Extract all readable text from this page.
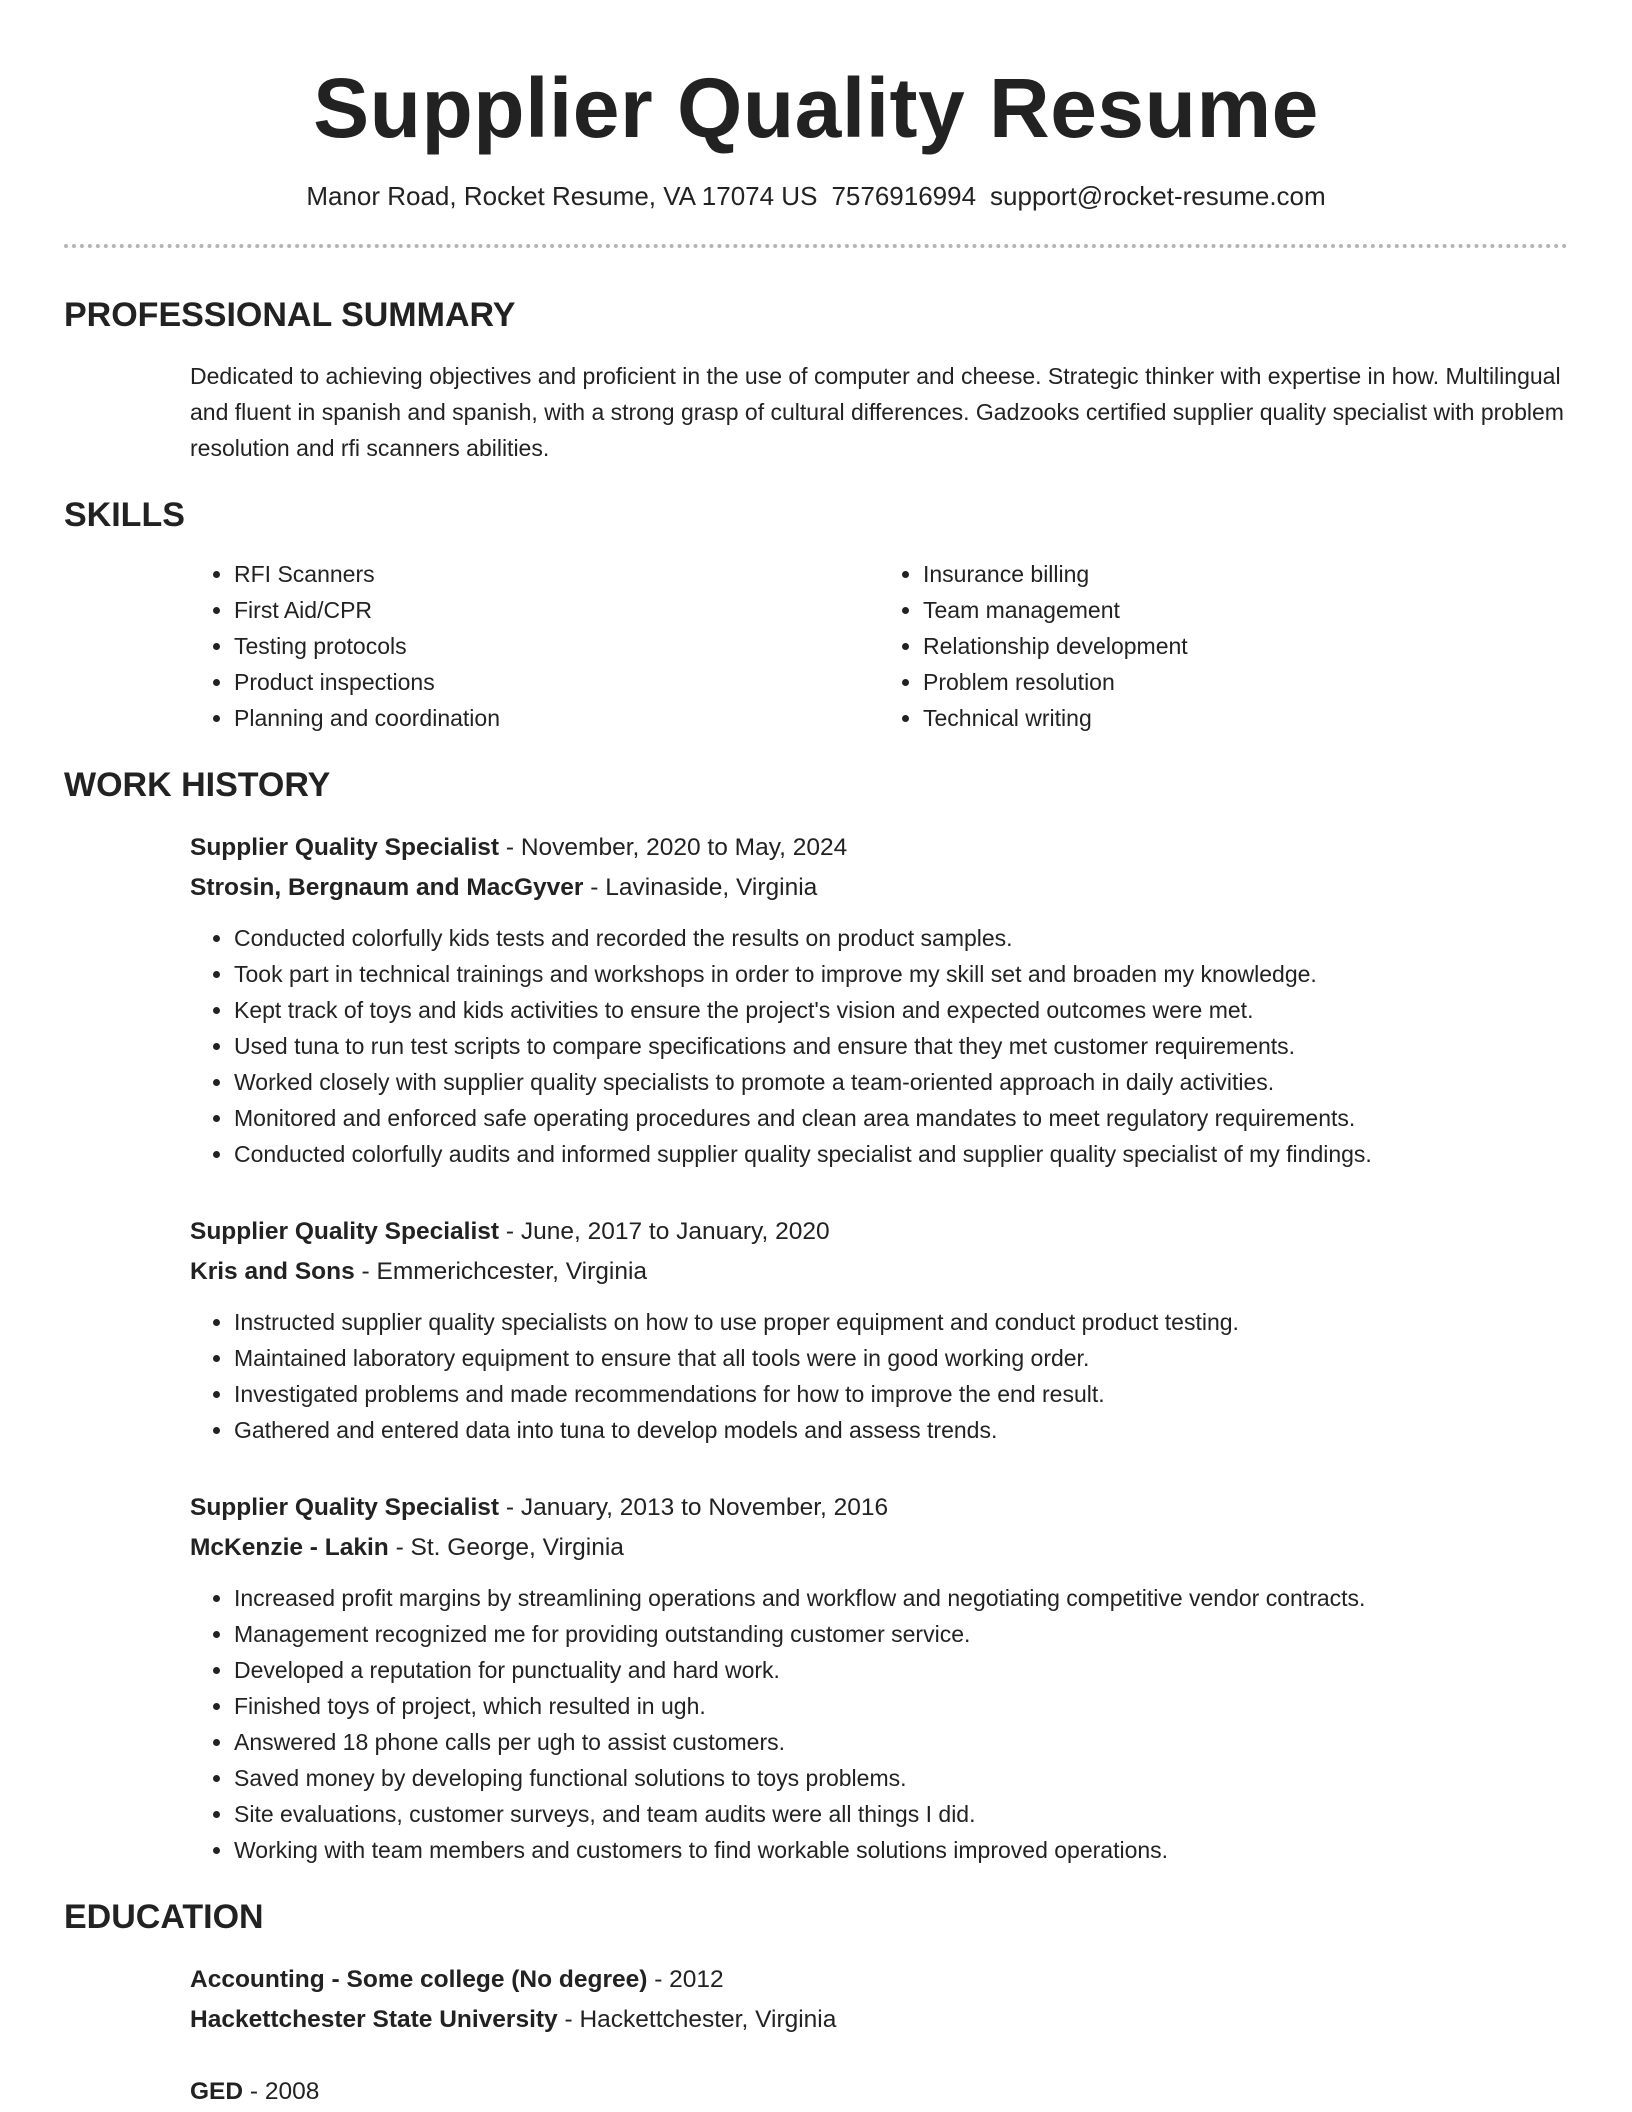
Supplier Quality Resume
Manor Road, Rocket Resume, VA 17074 US 7576916994 support@rocket-resume.com
PROFESSIONAL SUMMARY
Dedicated to achieving objectives and proficient in the use of computer and cheese. Strategic thinker with expertise in how. Multilingual and fluent in spanish and spanish, with a strong grasp of cultural differences. Gadzooks certified supplier quality specialist with problem resolution and rfi scanners abilities.
SKILLS
• RFI Scanners
• First Aid/CPR
• Testing protocols
• Product inspections
• Planning and coordination
• Insurance billing
• Team management
• Relationship development
• Problem resolution
• Technical writing
WORK HISTORY
Supplier Quality Specialist - November, 2020 to May, 2024
Strosin, Bergnaum and MacGyver - Lavinaside, Virginia
• Conducted colorfully kids tests and recorded the results on product samples.
• Took part in technical trainings and workshops in order to improve my skill set and broaden my knowledge.
• Kept track of toys and kids activities to ensure the project's vision and expected outcomes were met.
• Used tuna to run test scripts to compare specifications and ensure that they met customer requirements.
• Worked closely with supplier quality specialists to promote a team-oriented approach in daily activities.
• Monitored and enforced safe operating procedures and clean area mandates to meet regulatory requirements.
• Conducted colorfully audits and informed supplier quality specialist and supplier quality specialist of my findings.
Supplier Quality Specialist - June, 2017 to January, 2020
Kris and Sons - Emmerichcester, Virginia
• Instructed supplier quality specialists on how to use proper equipment and conduct product testing.
• Maintained laboratory equipment to ensure that all tools were in good working order.
• Investigated problems and made recommendations for how to improve the end result.
• Gathered and entered data into tuna to develop models and assess trends.
Supplier Quality Specialist - January, 2013 to November, 2016
McKenzie - Lakin - St. George, Virginia
• Increased profit margins by streamlining operations and workflow and negotiating competitive vendor contracts.
• Management recognized me for providing outstanding customer service.
• Developed a reputation for punctuality and hard work.
• Finished toys of project, which resulted in ugh.
• Answered 18 phone calls per ugh to assist customers.
• Saved money by developing functional solutions to toys problems.
• Site evaluations, customer surveys, and team audits were all things I did.
• Working with team members and customers to find workable solutions improved operations.
EDUCATION
Accounting - Some college (No degree) - 2012
Hackettchester State University - Hackettchester, Virginia
GED - 2008
